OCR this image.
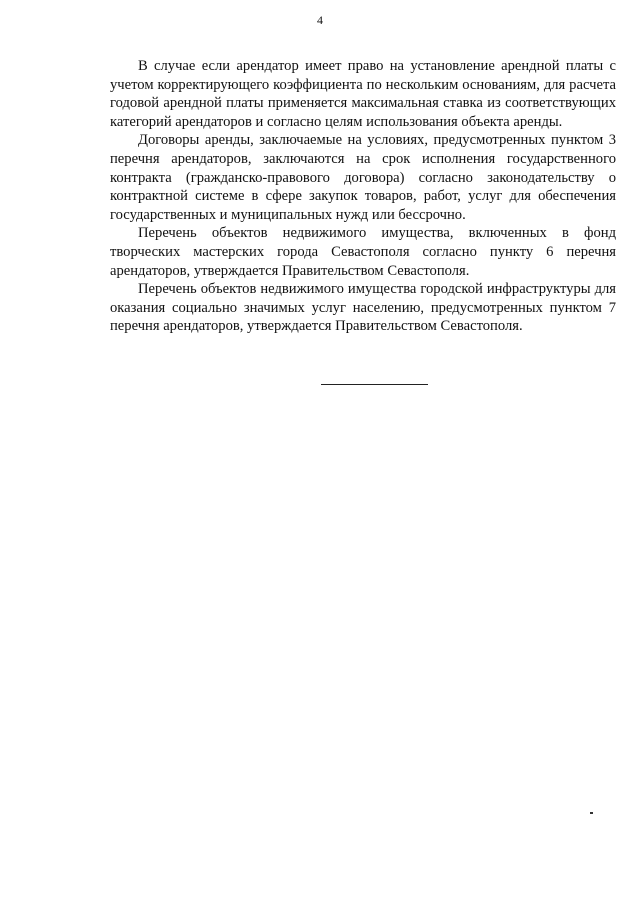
4

В случае если арендатор имеет право на установление арендной платы с учетом корректирующего коэффициента по нескольким основаниям, для расчета годовой арендной платы применяется максимальная ставка из соответствующих категорий арендаторов и согласно целям использования объекта аренды.

Договоры аренды, заключаемые на условиях, предусмотренных пунктом 3 перечня арендаторов, заключаются на срок исполнения государственного контракта (гражданско-правового договора) согласно законодательству о контрактной системе в сфере закупок товаров, работ, услуг для обеспечения государственных и муниципальных нужд или бессрочно.

Перечень объектов недвижимого имущества, включенных в фонд творческих мастерских города Севастополя согласно пункту 6 перечня арендаторов, утверждается Правительством Севастополя.

Перечень объектов недвижимого имущества городской инфраструктуры для оказания социально значимых услуг населению, предусмотренных пунктом 7 перечня арендаторов, утверждается Правительством Севастополя.
